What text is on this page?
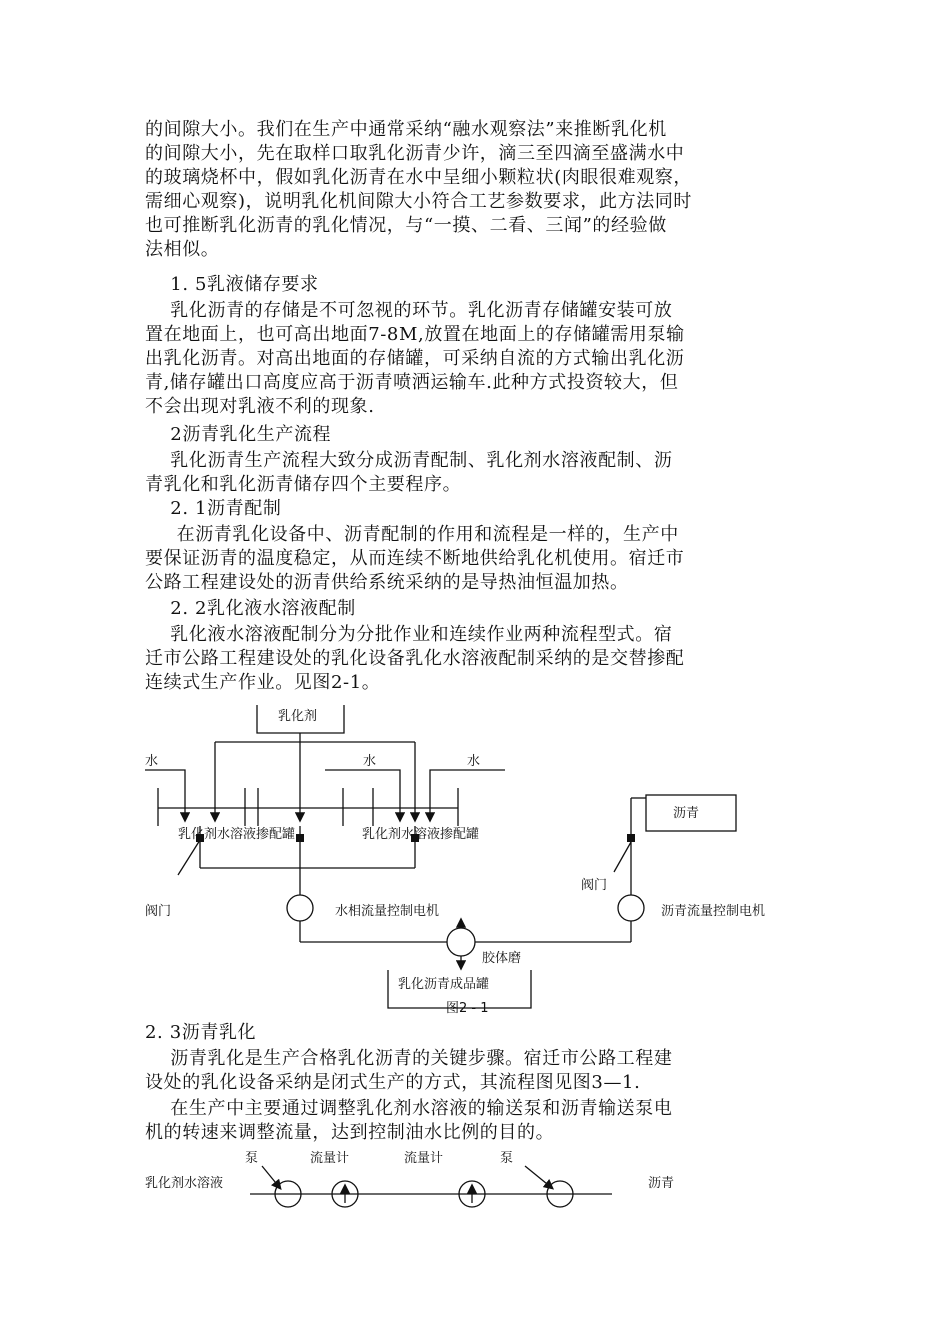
的间隙大小。我们在生产中通常采纳“融水观察法”来推断乳化机
的间隙大小，先在取样口取乳化沥青少许，滴三至四滴至盛满水中
的玻璃烧杯中，假如乳化沥青在水中呈细小颗粒状(肉眼很难观察，
需细心观察)，说明乳化机间隙大小符合工艺参数要求，此方法同时
也可推断乳化沥青的乳化情况，与“一摸、二看、三闻”的经验做
法相似。
1. 5乳液储存要求
乳化沥青的存储是不可忽视的环节。乳化沥青存储罐安装可放
置在地面上，也可高出地面7-8M,放置在地面上的存储罐需用泵输
出乳化沥青。对高出地面的存储罐，可采纳自流的方式输出乳化沥
青,储存罐出口高度应高于沥青喷洒运输车.此种方式投资较大，但
不会出现对乳液不利的现象.
2沥青乳化生产流程
乳化沥青生产流程大致分成沥青配制、乳化剂水溶液配制、沥
青乳化和乳化沥青储存四个主要程序。
2. 1沥青配制
在沥青乳化设备中、沥青配制的作用和流程是一样的，生产中
要保证沥青的温度稳定，从而连续不断地供给乳化机使用。宿迁市
公路工程建设处的沥青供给系统采纳的是导热油恒温加热。
2. 2乳化液水溶液配制
乳化液水溶液配制分为分批作业和连续作业两种流程型式。宿
迁市公路工程建设处的乳化设备乳化水溶液配制采纳的是交替掺配
连续式生产作业。见图2-1。
乳化剂
水	水	水
乳化剂水溶液掺配罐	乳化剂水溶液掺配罐
沥青
阀门
阀门
水相流量控制电机	沥青流量控制电机
胶体磨
乳化沥青成品罐
图2 - 1
2. 3沥青乳化
沥青乳化是生产合格乳化沥青的关键步骤。宿迁市公路工程建
设处的乳化设备采纳是闭式生产的方式，其流程图见图3—1.
在生产中主要通过调整乳化剂水溶液的输送泵和沥青输送泵电
机的转速来调整流量，达到控制油水比例的目的。
泵	流量计	流量计	泵
乳化剂水溶液	沥青
